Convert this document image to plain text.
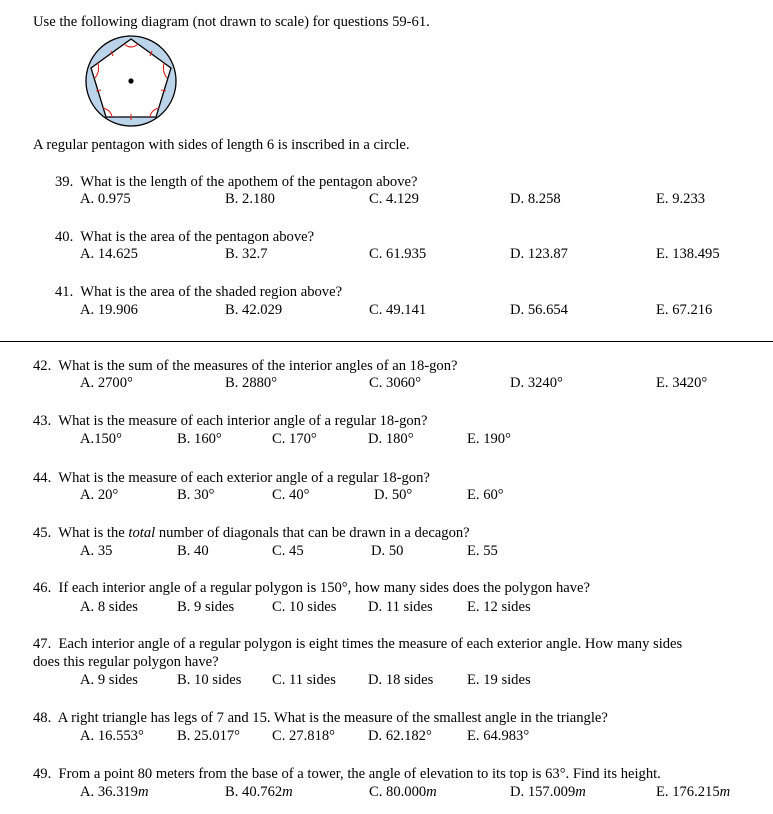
Use the following diagram (not drawn to scale) for questions 59-61.
A regular pentagon with sides of length 6 is inscribed in a circle.
39. What is the length of the apothem of the pentagon above?
A. 0.975	B. 2.180	C. 4.129	D. 8.258	E. 9.233
40. What is the area of the pentagon above?
A. 14.625	B. 32.7	C. 61.935	D. 123.87	E. 138.495
41. What is the area of the shaded region above?
A. 19.906	B. 42.029	C. 49.141	D. 56.654	E. 67.216
42. What is the sum of the measures of the interior angles of an 18-gon?
A. 2700°	B. 2880°	C. 3060°	D. 3240°	E. 3420°
43. What is the measure of each interior angle of a regular 18-gon?
A.150°	B. 160°	C. 170°	D. 180°	E. 190°
44. What is the measure of each exterior angle of a regular 18-gon?
A. 20°	B. 30°	C. 40°	D. 50°	E. 60°
45. What is the total number of diagonals that can be drawn in a decagon?
A. 35	B. 40	C. 45	D. 50	E. 55
46. If each interior angle of a regular polygon is 150°, how many sides does the polygon have?
A. 8 sides	B. 9 sides	C. 10 sides D. 11 sides E. 12 sides
47. Each interior angle of a regular polygon is eight times the measure of each exterior angle. How many sides
does this regular polygon have?
A. 9 sides	B. 10 sides C. 11 sides D. 18 sides E. 19 sides
48. A right triangle has legs of 7 and 15. What is the measure of the smallest angle in the triangle?
A. 16.553° B. 25.017° C. 27.818° D. 62.182° E. 64.983°
49. From a point 80 meters from the base of a tower, the angle of elevation to its top is 63°. Find its height.
A. 36.319m	B. 40.762m	C. 80.000m	D. 157.009m	E. 176.215m
